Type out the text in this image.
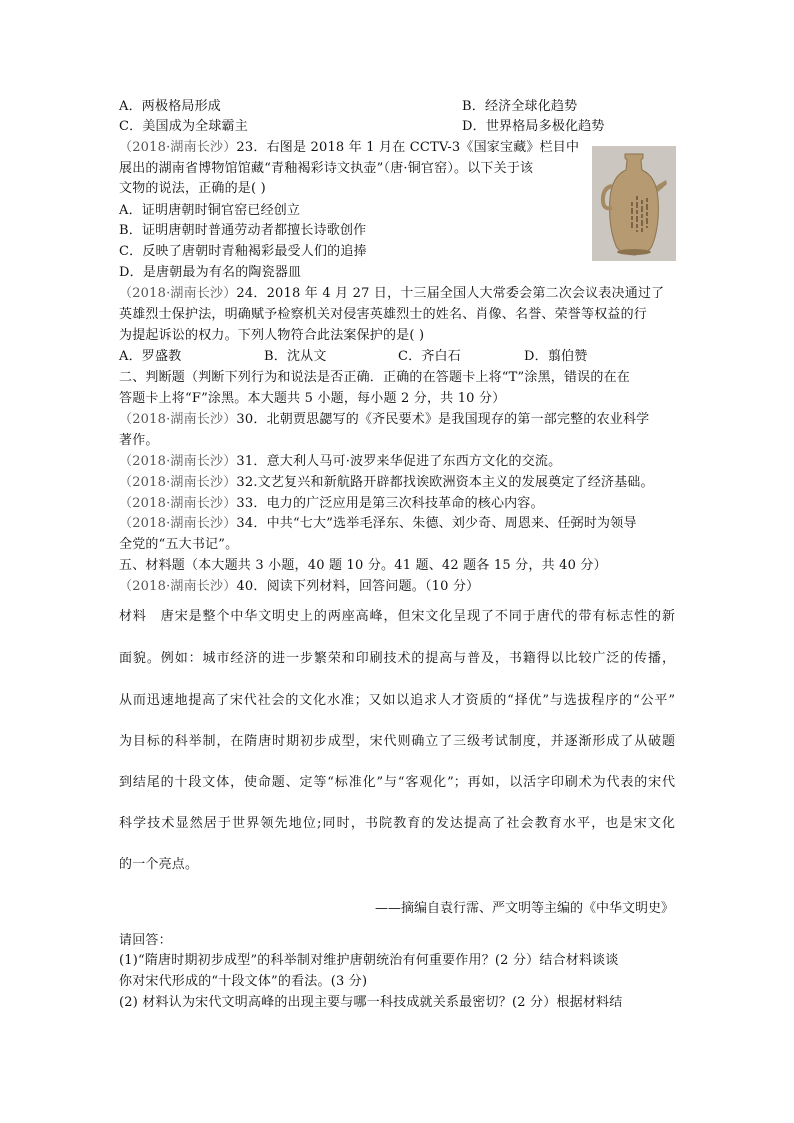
A．两极格局形成	B．经济全球化趋势
C．美国成为全球霸主	D．世界格局多极化趋势
（2018·湖南长沙）23．右图是 2018 年 1 月在 CCTV-3《国家宝藏》栏目中
展出的湖南省博物馆馆藏“青釉褐彩诗文执壶”（唐·铜官窑）。以下关于该
文物的说法，正确的是( )
A．证明唐朝时铜官窑已经创立
B．证明唐朝时普通劳动者都擅长诗歌创作
C．反映了唐朝时青釉褐彩最受人们的追捧
D．是唐朝最为有名的陶瓷器皿
（2018·湖南长沙）24．2018 年 4 月 27 日，十三届全国人大常委会第二次会议表决通过了
英雄烈士保护法，明确赋予检察机关对侵害英雄烈士的姓名、肖像、名誉、荣誉等权益的行
为提起诉讼的权力。下列人物符合此法案保护的是( )
A．罗盛教	B．沈从文	C．齐白石	D．翦伯赞
二、判断题（判断下列行为和说法是否正确．正确的在答题卡上将“T”涂黑，错误的在在
答题卡上将“F”涂黑。本大题共 5 小题，每小题 2 分，共 10 分）
（2018·湖南长沙）30．北朝贾思勰写的《齐民要术》是我国现存的第一部完整的农业科学
著作。
（2018·湖南长沙）31．意大利人马可·波罗来华促进了东西方文化的交流。
（2018·湖南长沙）32.文艺复兴和新航路开辟都找诶欧洲资本主义的发展奠定了经济基础。
（2018·湖南长沙）33．电力的广泛应用是第三次科技革命的核心内容。
（2018·湖南长沙）34．中共“七大”选举毛泽东、朱德、刘少奇、周恩来、任弼时为领导
全党的“五大书记”。
五、材料题（本大题共 3 小题，40 题 10 分。41 题、42 题各 15 分，共 40 分）
（2018·湖南长沙）40．阅读下列材料，回答问题。（10 分）
材料　唐宋是整个中华文明史上的两座高峰，但宋文化呈现了不同于唐代的带有标志性的新
面貌。例如：城市经济的进一步繁荣和印刷技术的提高与普及，书籍得以比较广泛的传播，
从而迅速地提高了宋代社会的文化水准；又如以追求人才资质的“择优”与选拔程序的“公平”
为目标的科举制，在隋唐时期初步成型，宋代则确立了三级考试制度，并逐渐形成了从破题
到结尾的十段文体，使命题、定等“标准化”与“客观化”；再如，以活字印刷术为代表的宋代
科学技术显然居于世界领先地位;同时，书院教育的发达提高了社会教育水平，也是宋文化
的一个亮点。
——摘编自袁行霈、严文明等主编的《中华文明史》
请回答：
(1)“隋唐时期初步成型”的科举制对维护唐朝统治有何重要作用？(2 分）结合材料谈谈
你对宋代形成的“十段文体”的看法。(3 分)
(2) 材料认为宋代文明高峰的出现主要与哪一科技成就关系最密切？(2 分）根据材料结
